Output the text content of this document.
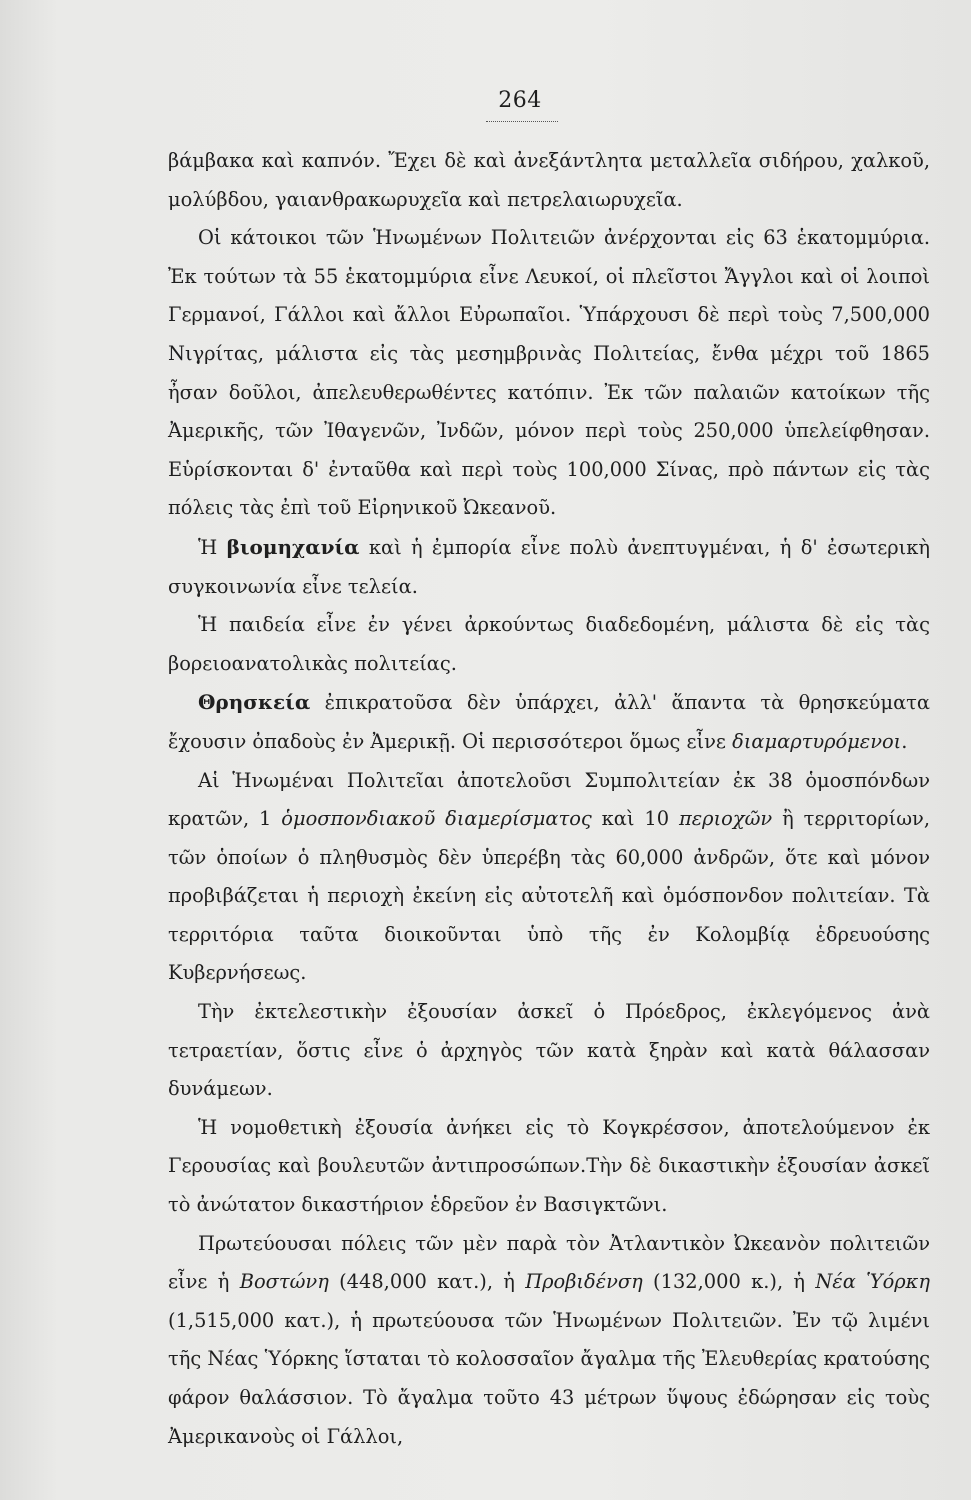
264

βάμβακα καὶ καπνόν. Ἔχει δὲ καὶ ἀνεξάντλητα μεταλλεῖα σιδήρου, χαλκοῦ, μολύβδου, γαιανθρακωρυχεῖα καὶ πετρελαιωρυχεῖα.

Οἱ κάτοικοι τῶν Ἡνωμένων Πολιτειῶν ἀνέρχονται εἰς 63 ἑκατομμύρια. Ἐκ τούτων τὰ 55 ἑκατομμύρια εἶνε Λευκοί, οἱ πλεῖστοι Ἄγγλοι καὶ οἱ λοιποὶ Γερμανοί, Γάλλοι καὶ ἄλλοι Εὐρωπαῖοι. Ὑπάρχουσι δὲ περὶ τοὺς 7,500,000 Νιγρίτας, μάλιστα εἰς τὰς μεσημβρινὰς Πολιτείας, ἔνθα μέχρι τοῦ 1865 ἦσαν δοῦλοι, ἀπελευθερωθέντες κατόπιν. Ἐκ τῶν παλαιῶν κατοίκων τῆς Ἀμερικῆς, τῶν Ἰθαγενῶν, Ἰνδῶν, μόνον περὶ τοὺς 250,000 ὑπελείφθησαν. Εὑρίσκονται δ' ἐνταῦθα καὶ περὶ τοὺς 100,000 Σίνας, πρὸ πάντων εἰς τὰς πόλεις τὰς ἐπὶ τοῦ Εἰρηνικοῦ Ὠκεανοῦ.

Ἡ βιομηχανία καὶ ἡ ἐμπορία εἶνε πολὺ ἀνεπτυγμέναι, ἡ δ' ἐσωτερικὴ συγκοινωνία εἶνε τελεία.

Ἡ παιδεία εἶνε ἐν γένει ἀρκούντως διαδεδομένη, μάλιστα δὲ εἰς τὰς βορειοανατολικὰς πολιτείας.

Θρησκεία ἐπικρατοῦσα δὲν ὑπάρχει, ἀλλ' ἅπαντα τὰ θρησκεύματα ἔχουσιν ὀπαδοὺς ἐν Ἀμερικῇ. Οἱ περισσότεροι ὅμως εἶνε διαμαρτυρόμενοι.

Αἱ Ἡνωμέναι Πολιτεῖαι ἀποτελοῦσι Συμπολιτείαν ἐκ 38 ὁμοσπόνδων κρατῶν, 1 ὁμοσπονδιακοῦ διαμερίσματος καὶ 10 περιοχῶν ἢ τερριτορίων, τῶν ὁποίων ὁ πληθυσμὸς δὲν ὑπερέβη τὰς 60,000 ἀνδρῶν, ὅτε καὶ μόνον προβιβάζεται ἡ περιοχὴ ἐκείνη εἰς αὐτοτελῆ καὶ ὁμόσπονδον πολιτείαν. Τὰ τερριτόρια ταῦτα διοικοῦνται ὑπὸ τῆς ἐν Κολομβίᾳ ἑδρευούσης Κυβερνήσεως.

Τὴν ἐκτελεστικὴν ἐξουσίαν ἀσκεῖ ὁ Πρόεδρος, ἐκλεγόμενος ἀνὰ τετραετίαν, ὅστις εἶνε ὁ ἀρχηγὸς τῶν κατὰ ξηρὰν καὶ κατὰ θάλασσαν δυνάμεων.

Ἡ νομοθετικὴ ἐξουσία ἀνήκει εἰς τὸ Κογκρέσσον, ἀποτελούμενον ἐκ Γερουσίας καὶ βουλευτῶν ἀντιπροσώπων.Τὴν δὲ δικαστικὴν ἐξουσίαν ἀσκεῖ τὸ ἀνώτατον δικαστήριον ἑδρεῦον ἐν Βασιγκτῶνι.

Πρωτεύουσαι πόλεις τῶν μὲν παρὰ τὸν Ἀτλαντικὸν Ὠκεανὸν πολιτειῶν εἶνε ἡ Βοστώνη (448,000 κατ.), ἡ Προβιδένση (132,000 κ.), ἡ Νέα Ὑόρκη (1,515,000 κατ.), ἡ πρωτεύουσα τῶν Ἡνωμένων Πολιτειῶν. Ἐν τῷ λιμένι τῆς Νέας Ὑόρκης ἵσταται τὸ κολοσσαῖον ἄγαλμα τῆς Ἐλευθερίας κρατούσης φάρον θαλάσσιον. Τὸ ἄγαλμα τοῦτο 43 μέτρων ὕψους ἐδώρησαν εἰς τοὺς Ἀμερικανοὺς οἱ Γάλλοι,
